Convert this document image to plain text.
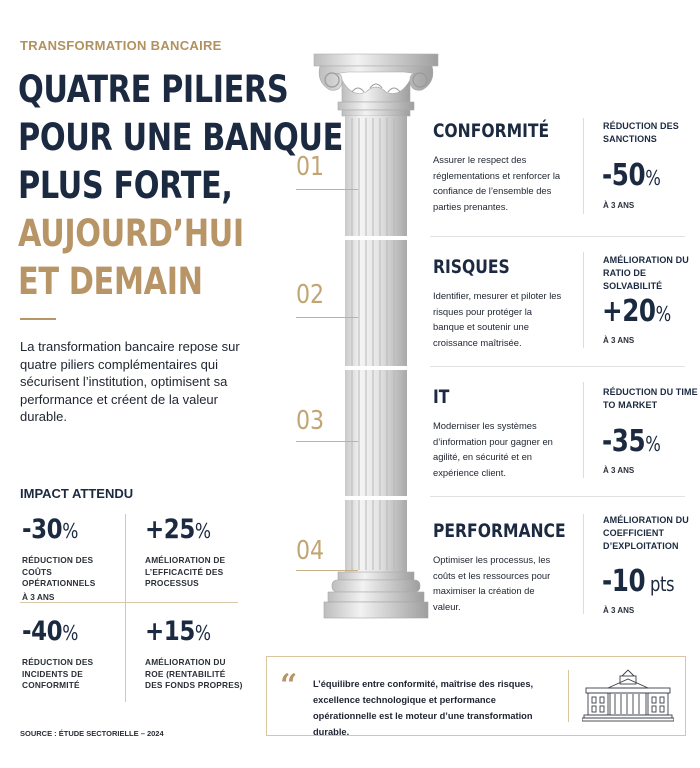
TRANSFORMATION BANCAIRE
QUATRE PILIERS
POUR UNE BANQUE
PLUS FORTE,
AUJOURD’HUI
ET DEMAIN

La transformation bancaire repose sur quatre piliers complémentaires qui sécurisent l’institution, optimisent sa performance et créent de la valeur durable.

IMPACT ATTENDU
-30%
RÉDUCTION DES COÛTS OPÉRATIONNELS
À 3 ANS
+25%
AMÉLIORATION DE L’EFFICACITÉ DES PROCESSUS
-40%
RÉDUCTION DES INCIDENTS DE CONFORMITÉ
+15%
AMÉLIORATION DU ROE (RENTABILITÉ DES FONDS PROPRES)
SOURCE : ÉTUDE SECTORIELLE – 2024
01
02
03
04
CONFORMITÉ
Assurer le respect des réglementations et renforcer la confiance de l’ensemble des parties prenantes.
RÉDUCTION DES SANCTIONS
-50%
À 3 ANS
RISQUES
Identifier, mesurer et piloter les risques pour protéger la banque et soutenir une croissance maîtrisée.
AMÉLIORATION DU RATIO DE SOLVABILITÉ
+20%
À 3 ANS
IT
Moderniser les systèmes d’information pour gagner en agilité, en sécurité et en expérience client.
RÉDUCTION DU TIME TO MARKET
-35%
À 3 ANS
PERFORMANCE
Optimiser les processus, les coûts et les ressources pour maximiser la création de valeur.
AMÉLIORATION DU COEFFICIENT D’EXPLOITATION
-10 pts
À 3 ANS
“ L’équilibre entre conformité, maîtrise des risques, excellence technologique et performance opérationnelle est le moteur d’une transformation durable.
